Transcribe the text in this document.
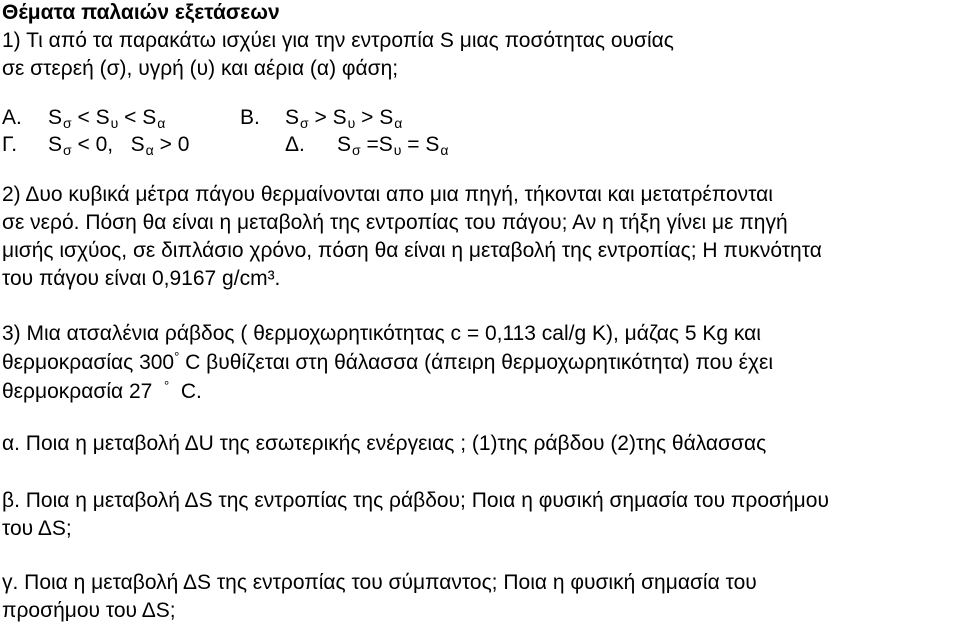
Θέματα παλαιών εξετάσεων
1) Τι από τα παρακάτω ισχύει για την εντροπία S μιας ποσότητας ουσίας
σε στερεή (σ), υγρή (υ) και αέρια (α) φάση;
Α. Sσ < Sυ < Sα	Β. Sσ > Sυ > Sα
Γ. Sσ < 0, Sα > 0	Δ. Sσ =Sυ = Sα
2) Δυο κυβικά μέτρα πάγου θερμαίνονται απο μια πηγή, τήκονται και μετατρέπονται
σε νερό. Πόση θα είναι η μεταβολή της εντροπίας του πάγου; Αν η τήξη γίνει με πηγή
μισής ισχύος, σε διπλάσιο χρόνο, πόση θα είναι η μεταβολή της εντροπίας; Η πυκνότητα
του πάγου είναι 0,9167 g/cm³.
3) Μια ατσαλένια ράβδος ( θερμοχωρητικότητας c = 0,113 cal/g K), μάζας 5 Kg και
θερμοκρασίας 300° C βυθίζεται στη θάλασσα (άπειρη θερμοχωρητικότητα) που έχει
θερμοκρασία 27 ° C.
α. Ποια η μεταβολή ΔU της εσωτερικής ενέργειας ; (1)της ράβδου (2)της θάλασσας
β. Ποια η μεταβολή ΔS της εντροπίας της ράβδου; Ποια η φυσική σημασία του προσήμου
του ΔS;
γ. Ποια η μεταβολή ΔS της εντροπίας του σύμπαντος; Ποια η φυσική σημασία του
προσήμου του ΔS;
